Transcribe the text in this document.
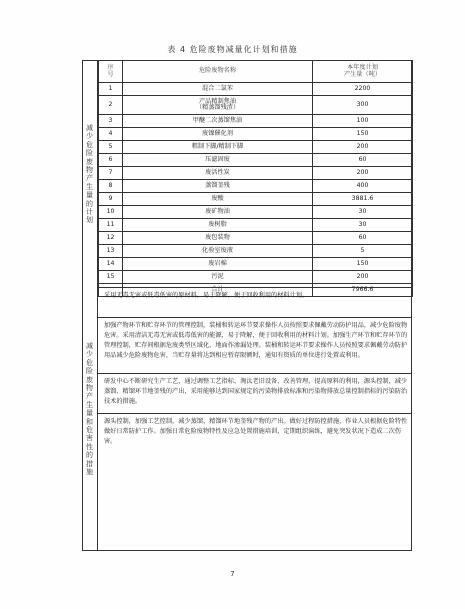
表 4 危险废物减量化计划和措施
减
少
危
险
废
物
产
生
量
的
计
划
序
号	危险废物名称	本年度计划
产生量（吨）
1	混合二氯苯	2200
2	产品精制焦油
（精蒸馏残渣）	300
3	甲醚二次蒸馏焦油	100
4	废镍催化剂	150
5	粗制下脚/精制下脚	200
6	压滤固废	60
7	废活性炭	200
8	蒸馏釜残	400
9	废酸	3881.6
10	废矿物油	30
11	废树脂	30
12	废包装物	60
13	化验室废液	5
14	废岩棉	150
15	污泥	200
	合计	7966.6
减
少
危
险
废
物
产
生
量
和
危
害
性
的
措
施
采用无毒无害或低毒低害的原材料，易于降解，便于回收利用的材料计划。
加强产物环节和贮存环节的管理控制，装桶和转运环节要求操作人员按照要求佩戴劳动防护用品，减少危险废物危害。采用清洁无毒无害或低毒低害的能源，易于降解，便于回收利用的材料计划。加强生产环节和贮存环节的管理控制，贮存间根据危废类型区域化，地面作渗漏处理。装桶和转运环节要求操作人员按照要求佩戴劳动防护用品减少危险废物危害，当贮存量将达到相应暂存限额时，通知有资质的单位进行处置或利用。
研发中心不断研究生产工艺，通过调整工艺指标、淘汰老旧设备、改善管理，提高原料的利用，源头控制，减少蒸馏、精馏环节地釜残的产出，采用能够达到国家规定的污染物排放标准和污染物排放总量控制指标的污染防治技术的措施。
源头控制，加强工艺控制，减少蒸馏、精馏环节地釜残产物的产出。做好过程防控措施，作业人员根据危险特性做好日常防护工作。加强日常危险废物特性及应急处置措施培训，定期组织演练，避免突发状况下造成二次伤害。
7
